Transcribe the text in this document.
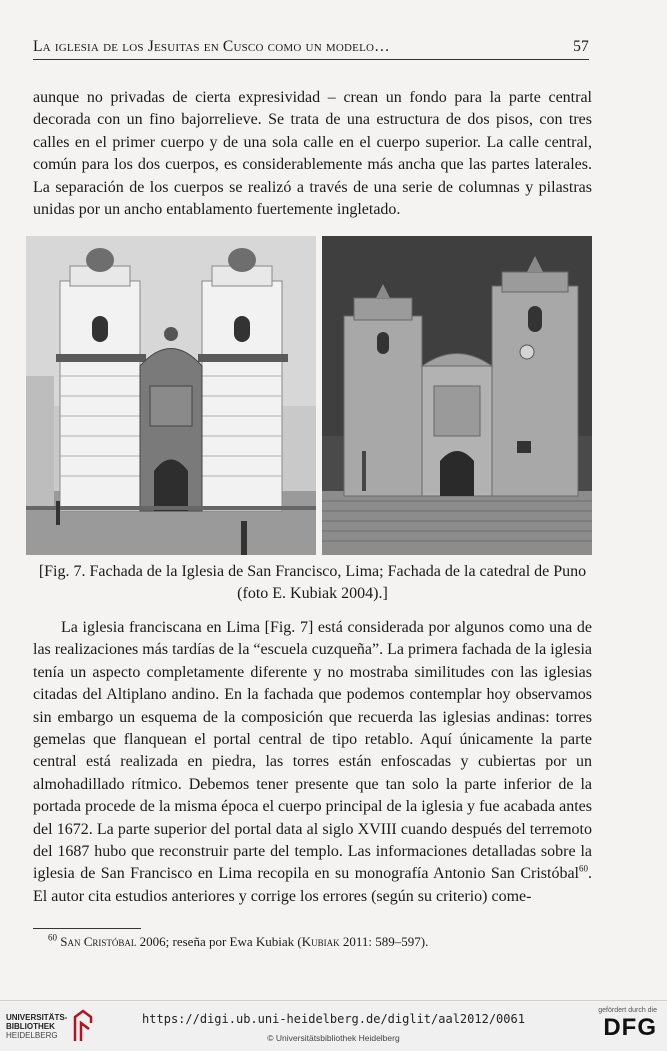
La iglesia de los Jesuitas en Cusco como un modelo…	57
aunque no privadas de cierta expresividad – crean un fondo para la parte central decorada con un fino bajorrelieve. Se trata de una estructura de dos pisos, con tres calles en el primer cuerpo y de una sola calle en el cuerpo superior. La calle central, común para los dos cuerpos, es considerablemente más ancha que las partes laterales. La separación de los cuerpos se realizó a través de una serie de columnas y pilastras unidas por un ancho entablamento fuertemente ingletado.
[Fig. 7. Fachada de la Iglesia de San Francisco, Lima; Fachada de la catedral de Puno
(foto E. Kubiak 2004).]
La iglesia franciscana en Lima [Fig. 7] está considerada por algunos como una de las realizaciones más tardías de la “escuela cuzqueña”. La primera fachada de la iglesia tenía un aspecto completamente diferente y no mostraba similitudes con las iglesias citadas del Altiplano andino. En la fachada que podemos contemplar hoy observamos sin embargo un esquema de la composición que recuerda las iglesias andinas: torres gemelas que flanquean el portal central de tipo retablo. Aquí únicamente la parte central está realizada en piedra, las torres están enfoscadas y cubiertas por un almohadillado rítmico. Debemos tener presente que tan solo la parte inferior de la portada procede de la misma época el cuerpo principal de la iglesia y fue acabada antes del 1672. La parte superior del portal data al siglo XVIII cuando después del terremoto del 1687 hubo que reconstruir parte del templo. Las informaciones detalladas sobre la iglesia de San Francisco en Lima recopila en su monografía Antonio San Cristóbal$^{60}$. El autor cita estudios anteriores y corrige los errores (según su criterio) come-
$^{60}$ San Cristóbal 2006; reseña por Ewa Kubiak (Kubiak 2011: 589–597).
UNIVERSITÄTS-
BIBLIOTHEK
HEIDELBERG
https://digi.ub.uni-heidelberg.de/diglit/aal2012/0061
© Universitätsbibliothek Heidelberg
gefördert durch die
DFG
